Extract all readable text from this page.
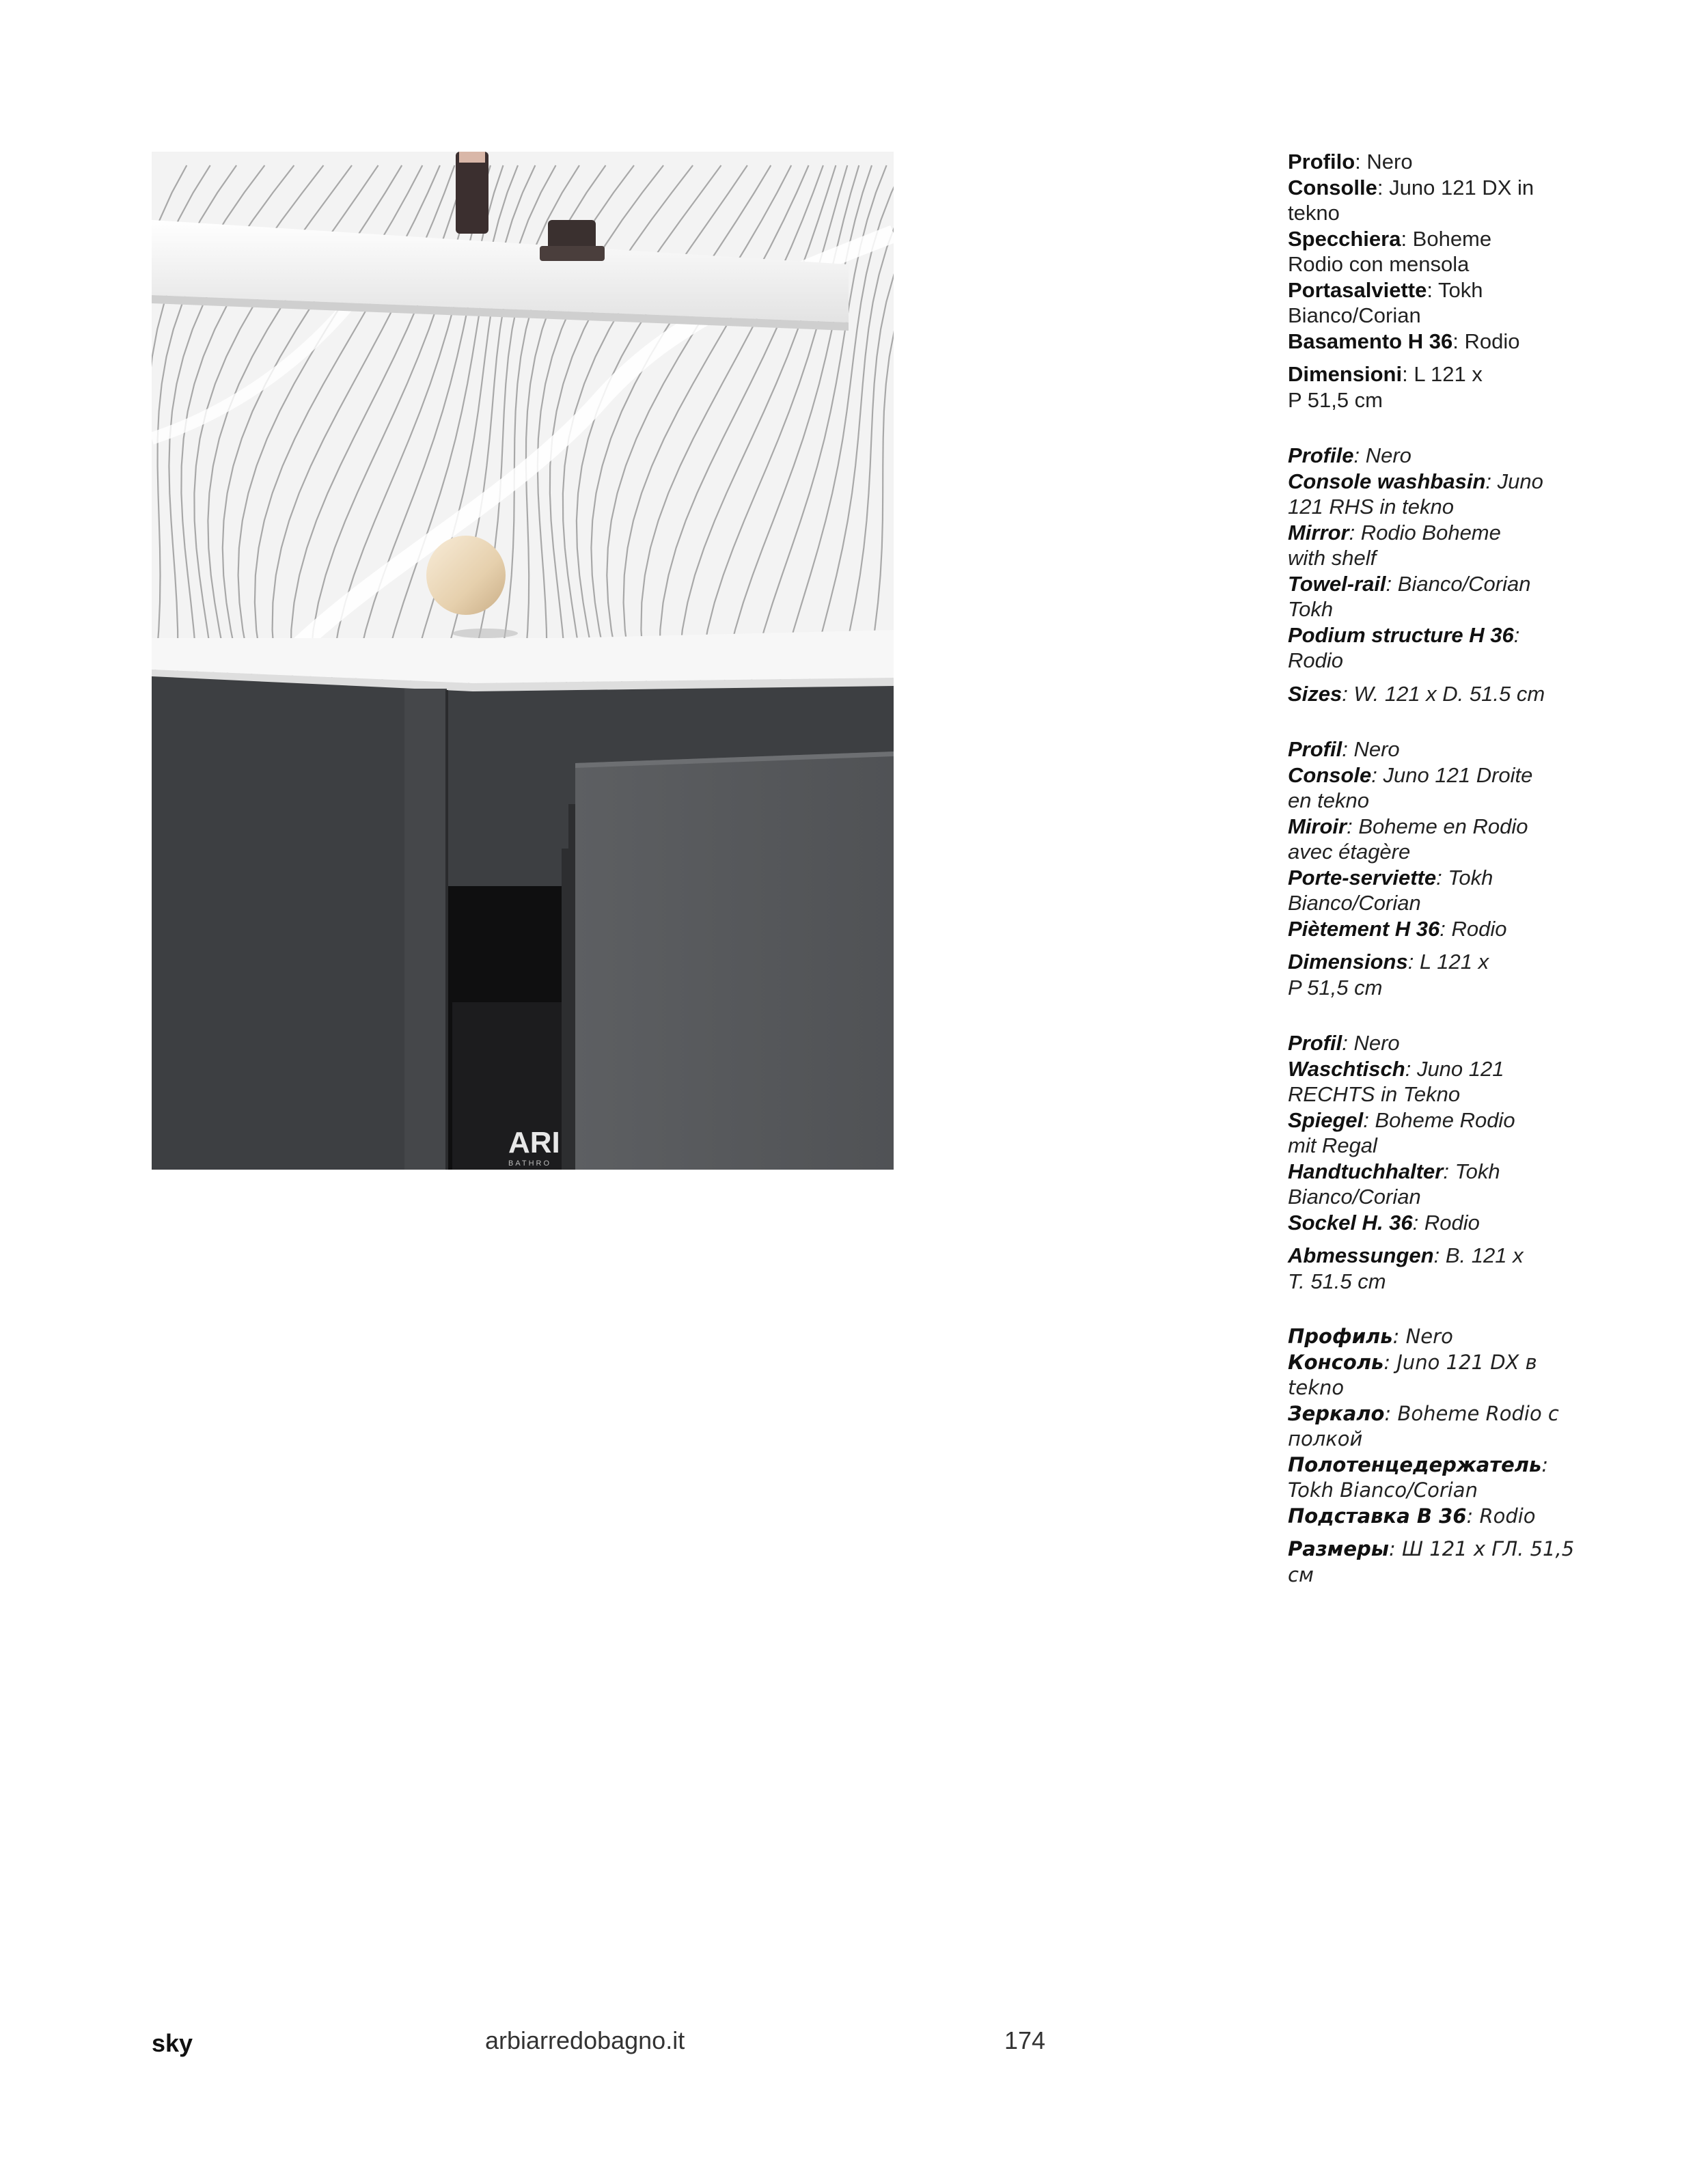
ARI
BATHRO
Profilo: Nero
Consolle: Juno 121 DX in
tekno
Specchiera: Boheme
Rodio con mensola
Portasalviette: Tokh
Bianco/Corian
Basamento H 36: Rodio
Dimensioni: L 121 x
P 51,5 cm
Profile: Nero
Console washbasin: Juno
121 RHS in tekno
Mirror: Rodio Boheme
with shelf
Towel-rail: Bianco/Corian
Tokh
Podium structure H 36:
Rodio
Sizes: W. 121 x D. 51.5 cm
Profil: Nero
Console: Juno 121 Droite
en tekno
Miroir: Boheme en Rodio
avec étagère
Porte-serviette: Tokh
Bianco/Corian
Piètement H 36: Rodio
Dimensions: L 121 x
P 51,5 cm
Profil: Nero
Waschtisch: Juno 121
RECHTS in Tekno
Spiegel: Boheme Rodio
mit Regal
Handtuchhalter: Tokh
Bianco/Corian
Sockel H. 36: Rodio
Abmessungen: B. 121 x
T. 51.5 cm
Профиль: Nero
Консоль: Juno 121 DX в
tekno
Зеркало: Boheme Rodio с
полкой
Полотенцедержатель:
Tokh Bianco/Corian
Подставка В 36: Rodio
Размеры: Ш 121 х ГЛ. 51,5
см
sky	arbiarredobagno.it	174
